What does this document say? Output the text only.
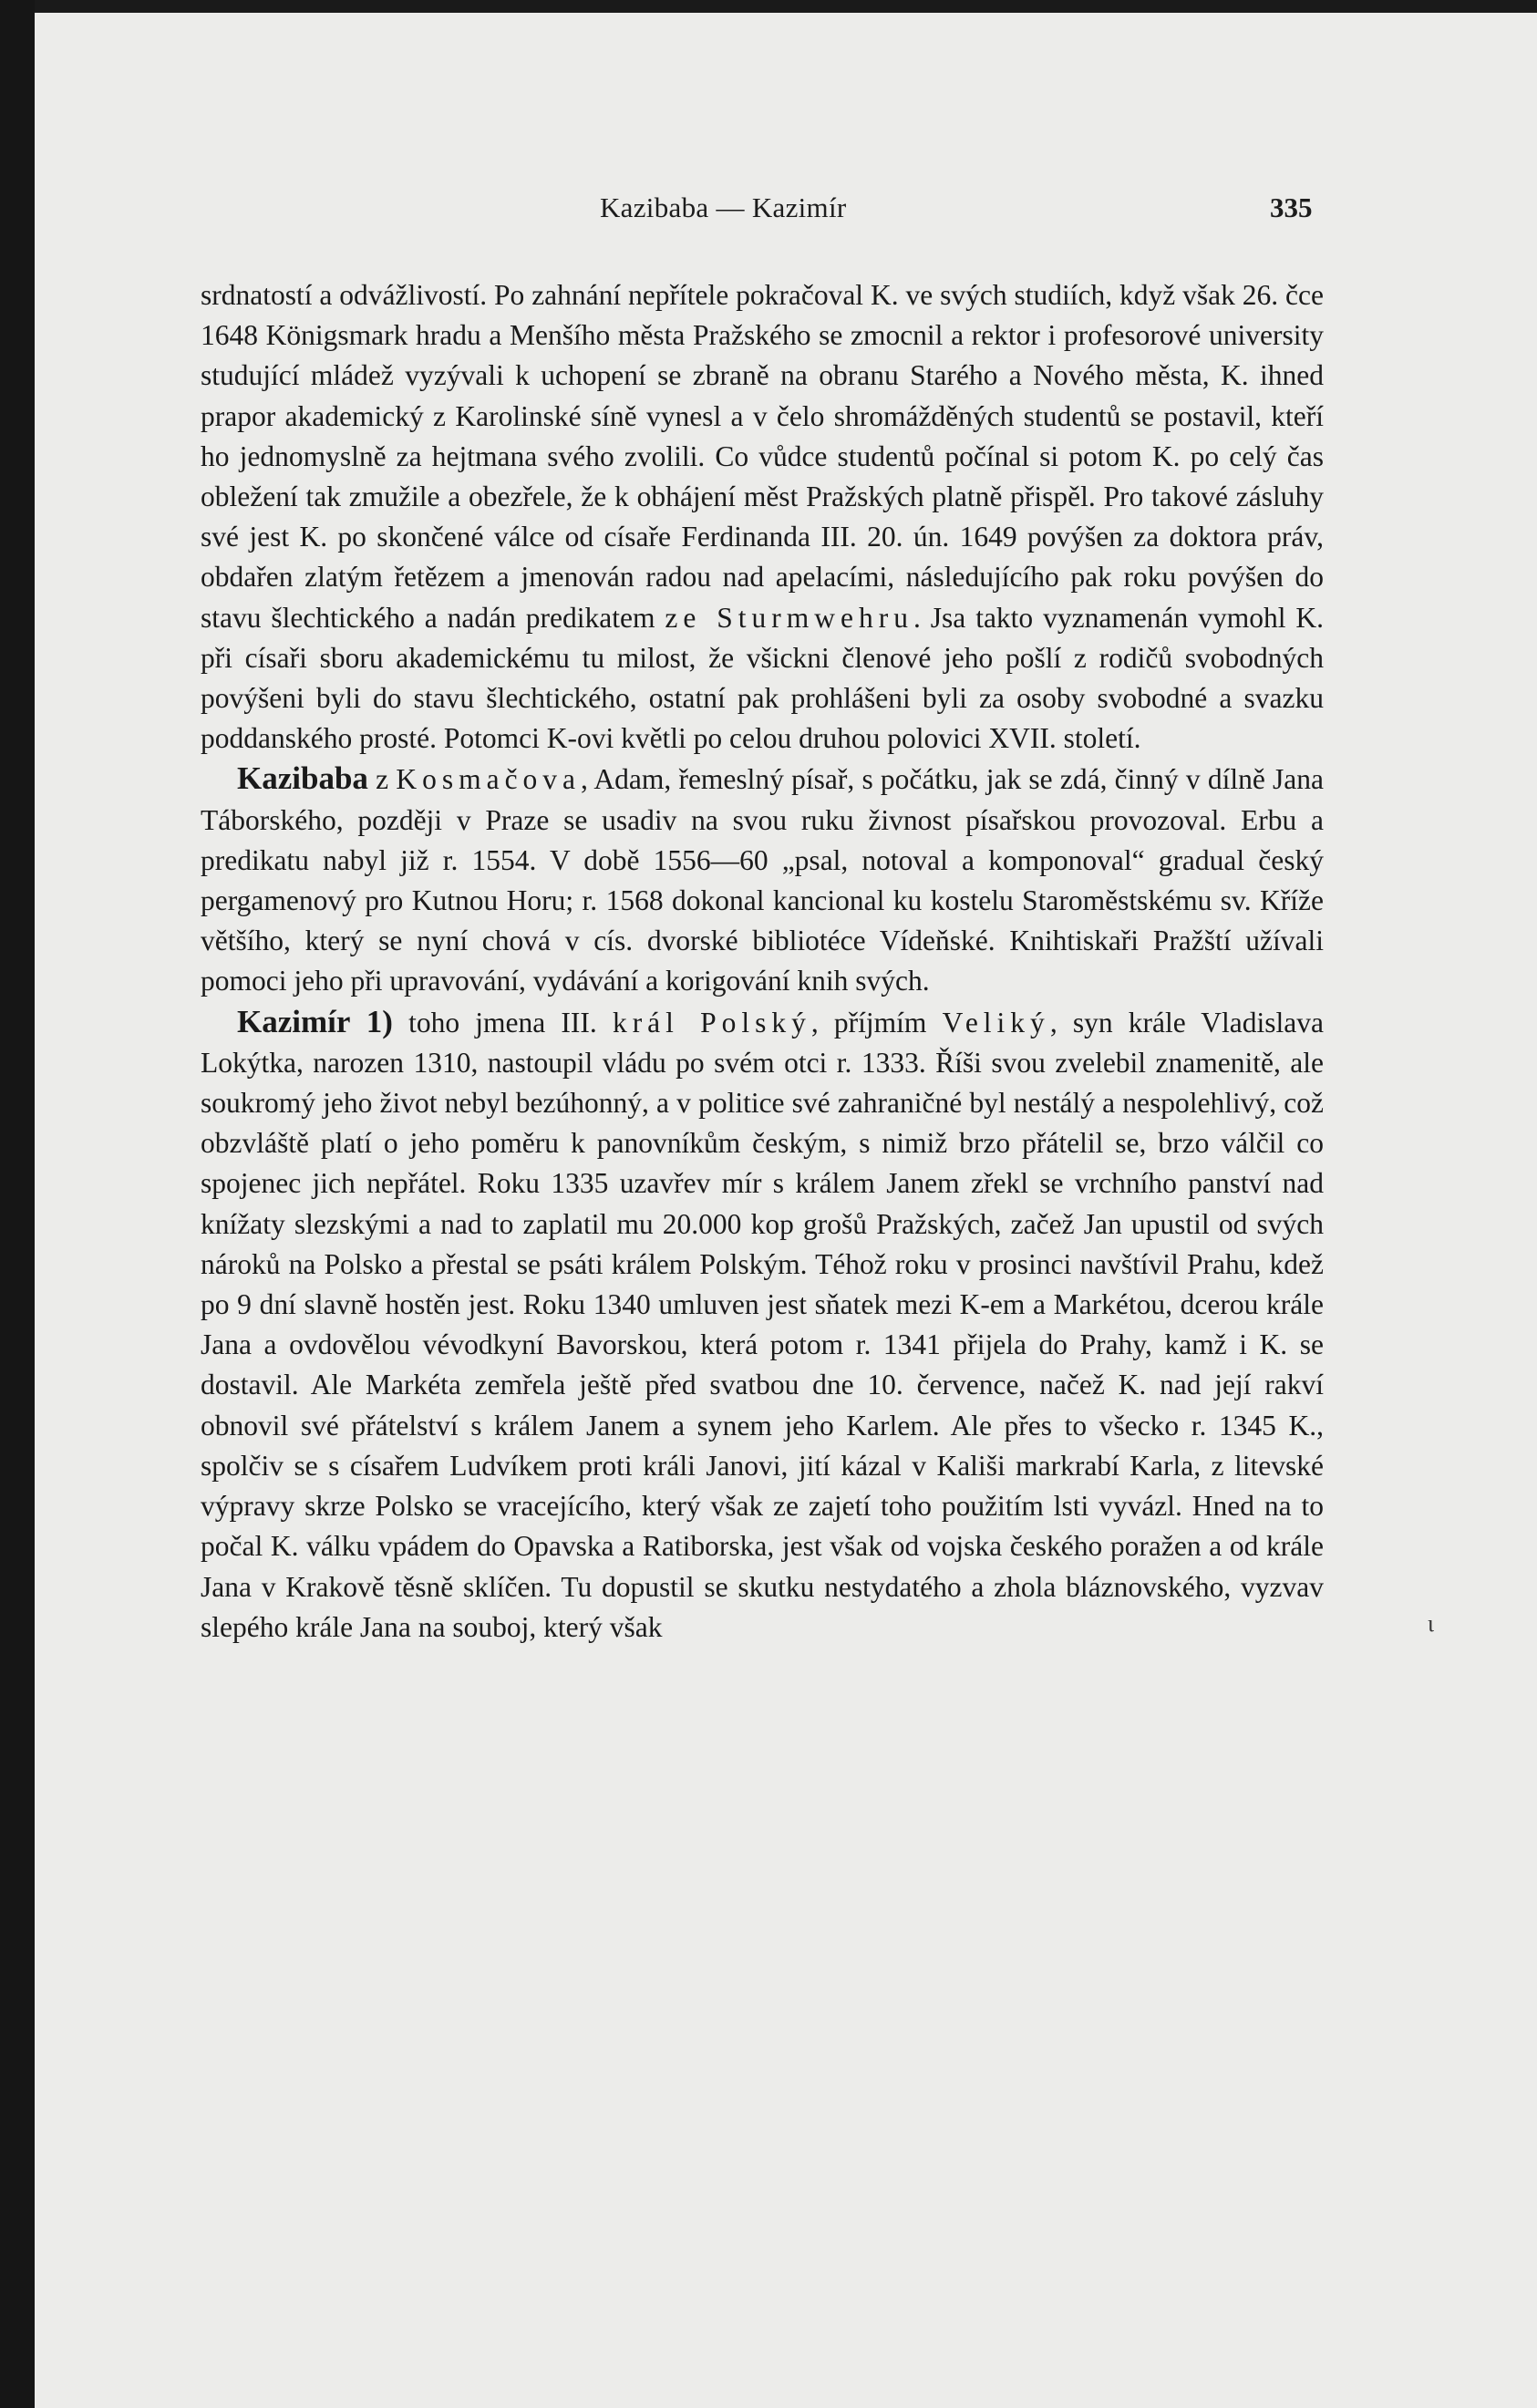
Kazibaba — Kazimír	335

srdnatostí a odvážlivostí. Po zahnání nepřítele pokračoval K. ve svých studiích, když však 26. čce 1648 Königsmark hradu a Menšího města Pražského se zmocnil a rektor i profesorové university studující mládež vyzývali k uchopení se zbraně na obranu Starého a Nového města, K. ihned prapor akademický z Karolinské síně vynesl a v čelo shromážděných studentů se postavil, kteří ho jednomyslně za hejtmana svého zvolili. Co vůdce studentů počínal si potom K. po celý čas obležení tak zmužile a obezřele, že k obhájení měst Pražských platně přispěl. Pro takové zásluhy své jest K. po skončené válce od císaře Ferdinanda III. 20. ún. 1649 povýšen za doktora práv, obdařen zlatým řetězem a jmenován radou nad apelacími, následujícího pak roku povýšen do stavu šlechtického a nadán predikatem ze Sturmwehru. Jsa takto vyznamenán vymohl K. při císaři sboru akademickému tu milost, že všickni členové jeho pošlí z rodičů svobodných povýšeni byli do stavu šlechtického, ostatní pak prohlášeni byli za osoby svobodné a svazku poddanského prosté. Potomci K-ovi květli po celou druhou polovici XVII. století.

Kazibaba z Kosmačova, Adam, řemeslný písař, s počátku, jak se zdá, činný v dílně Jana Táborského, později v Praze se usadiv na svou ruku živnost písařskou provozoval. Erbu a predikatu nabyl již r. 1554. V době 1556—60 „psal, notoval a komponoval“ gradual český pergamenový pro Kutnou Horu; r. 1568 dokonal kancional ku kostelu Staroměstskému sv. Kříže většího, který se nyní chová v cís. dvorské bibliotéce Vídeňské. Knihtiskaři Pražští užívali pomoci jeho při upravování, vydávání a korigování knih svých.

Kazimír 1) toho jmena III. král Polský, příjmím Veliký, syn krále Vladislava Lokýtka, narozen 1310, nastoupil vládu po svém otci r. 1333. Říši svou zvelebil znamenitě, ale soukromý jeho život nebyl bezúhonný, a v politice své zahraničné byl nestálý a nespolehlivý, což obzvláště platí o jeho poměru k panovníkům českým, s nimiž brzo přátelil se, brzo válčil co spojenec jich nepřátel. Roku 1335 uzavřev mír s králem Janem zřekl se vrchního panství nad knížaty slezskými a nad to zaplatil mu 20.000 kop grošů Pražských, začež Jan upustil od svých nároků na Polsko a přestal se psáti králem Polským. Téhož roku v prosinci navštívil Prahu, kdež po 9 dní slavně hostěn jest. Roku 1340 umluven jest sňatek mezi K-em a Markétou, dcerou krále Jana a ovdovělou vévodkyní Bavorskou, která potom r. 1341 přijela do Prahy, kamž i K. se dostavil. Ale Markéta zemřela ještě před svatbou dne 10. července, načež K. nad její rakví obnovil své přátelství s králem Janem a synem jeho Karlem. Ale přes to všecko r. 1345 K., spolčiv se s císařem Ludvíkem proti králi Janovi, jití kázal v Kališi markrabí Karla, z litevské výpravy skrze Polsko se vracejícího, který však ze zajetí toho použitím lsti vyvázl. Hned na to počal K. válku vpádem do Opavska a Ratiborska, jest však od vojska českého poražen a od krále Jana v Krakově těsně sklíčen. Tu dopustil se skutku nestydatého a zhola bláznovského, vyzvav slepého krále Jana na souboj, který však	ι
